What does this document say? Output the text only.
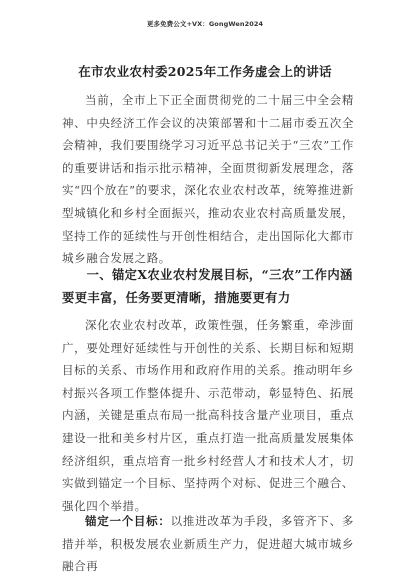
更多免费公文+VX：GongWen2024
在市农业农村委2025年工作务虚会上的讲话

当前，全市上下正全面贯彻党的二十届三中全会精神、中央经济工作会议的决策部署和十二届市委五次全会精神，我们要围绕学习习近平总书记关于“三农”工作的重要讲话和指示批示精神，全面贯彻新发展理念，落实“四个放在”的要求，深化农业农村改革，统筹推进新型城镇化和乡村全面振兴，推动农业农村高质量发展，坚持工作的延续性与开创性相结合，走出国际化大都市城乡融合发展之路。

一、锚定X农业农村发展目标，“三农”工作内涵要更丰富，任务要更清晰，措施要更有力

深化农业农村改革，政策性强，任务繁重，牵涉面广，要处理好延续性与开创性的关系、长期目标和短期目标的关系、市场作用和政府作用的关系。推动明年乡村振兴各项工作整体提升、示范带动，彰显特色、拓展内涵，关键是重点布局一批高科技含量产业项目，重点建设一批和美乡村片区，重点打造一批高质量发展集体经济组织，重点培育一批乡村经营人才和技术人才，切实做到锚定一个目标、坚持两个对标、促进三个融合、强化四个举措。

锚定一个目标：以推进改革为手段，多管齐下、多措并举，积极发展农业新质生产力，促进超大城市城乡融合再
